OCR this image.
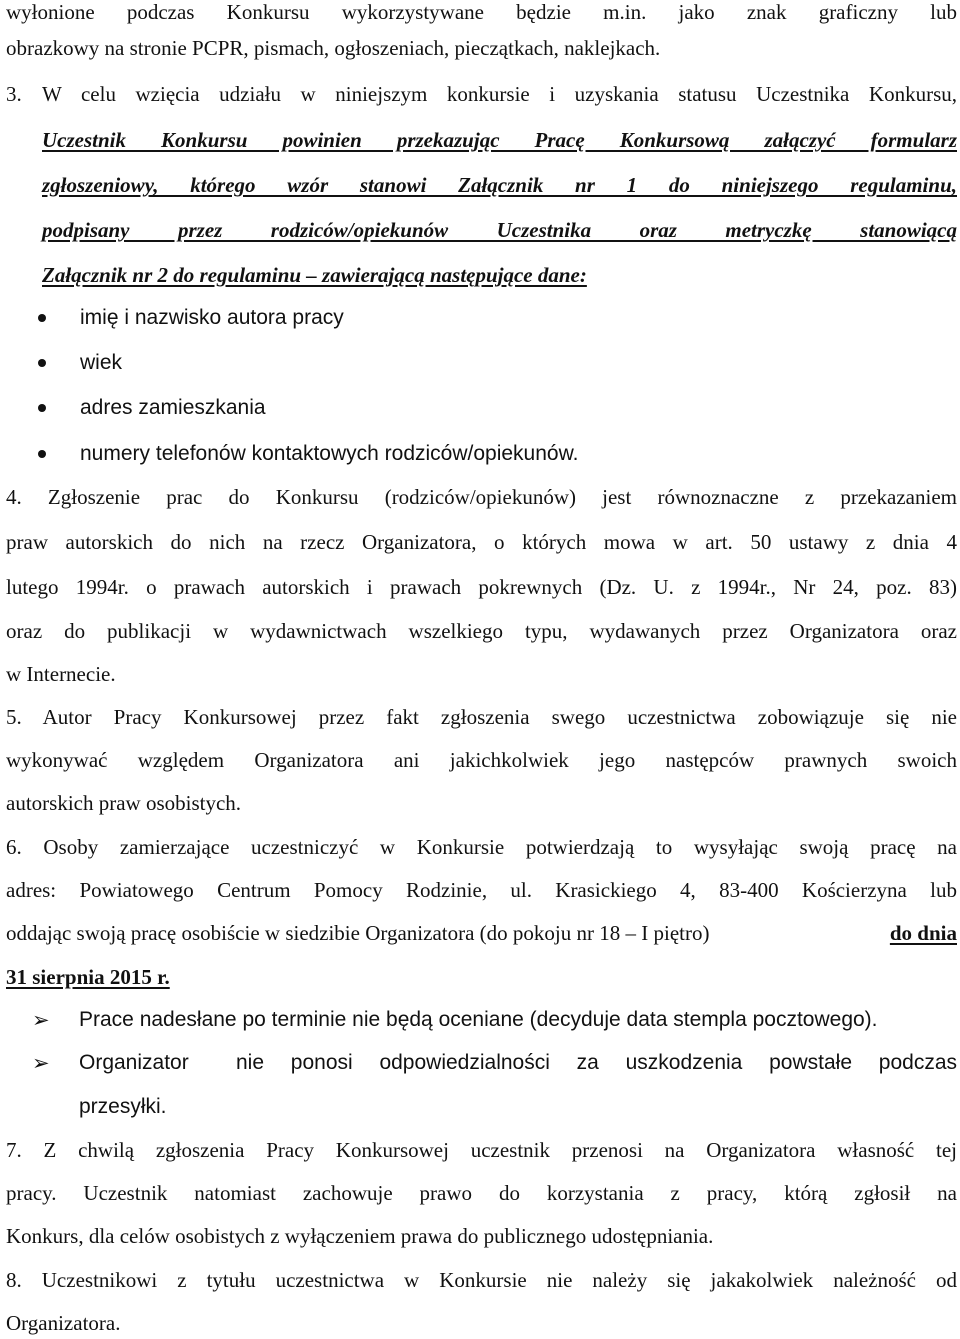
wyłonione podczas Konkursu wykorzystywane będzie m.in. jako znak graficzny lub
obrazkowy na stronie PCPR, pismach, ogłoszeniach, pieczątkach, naklejkach.
3. W celu wzięcia udziału w niniejszym konkursie i uzyskania statusu Uczestnika Konkursu,
Uczestnik Konkursu powinien przekazując Pracę Konkursową załączyć formularz
zgłoszeniowy, którego wzór stanowi Załącznik nr 1 do niniejszego regulaminu,
podpisany przez rodziców/opiekunów Uczestnika oraz metryczkę stanowiącą
Załącznik nr 2 do regulaminu – zawierającą następujące dane:
imię i nazwisko autora pracy
wiek
adres zamieszkania
numery telefonów kontaktowych rodziców/opiekunów.
4. Zgłoszenie prac do Konkursu (rodziców/opiekunów) jest równoznaczne z przekazaniem
praw autorskich do nich na rzecz Organizatora, o których mowa w art. 50 ustawy z dnia 4
lutego 1994r. o prawach autorskich i prawach pokrewnych (Dz. U. z 1994r., Nr 24, poz. 83)
oraz do publikacji w wydawnictwach wszelkiego typu, wydawanych przez Organizatora oraz
w Internecie.
5. Autor Pracy Konkursowej przez fakt zgłoszenia swego uczestnictwa zobowiązuje się nie
wykonywać względem Organizatora ani jakichkolwiek jego następców prawnych swoich
autorskich praw osobistych.
6. Osoby zamierzające uczestniczyć w Konkursie potwierdzają to wysyłając swoją pracę na
adres: Powiatowego Centrum Pomocy Rodzinie, ul. Krasickiego 4, 83-400 Kościerzyna lub
oddając swoją pracę osobiście w siedzibie Organizatora (do pokoju nr 18 – I piętro)	do dnia
31 sierpnia 2015 r.
➢ Prace nadesłane po terminie nie będą oceniane (decyduje data stempla pocztowego).
➢ Organizator	nie ponosi odpowiedzialności za uszkodzenia powstałe podczas
przesyłki.
7. Z chwilą zgłoszenia Pracy Konkursowej uczestnik przenosi na Organizatora własność tej
pracy. Uczestnik natomiast zachowuje prawo do korzystania z pracy, którą zgłosił na
Konkurs, dla celów osobistych z wyłączeniem prawa do publicznego udostępniania.
8. Uczestnikowi z tytułu uczestnictwa w Konkursie nie należy się jakakolwiek należność od
Organizatora.
